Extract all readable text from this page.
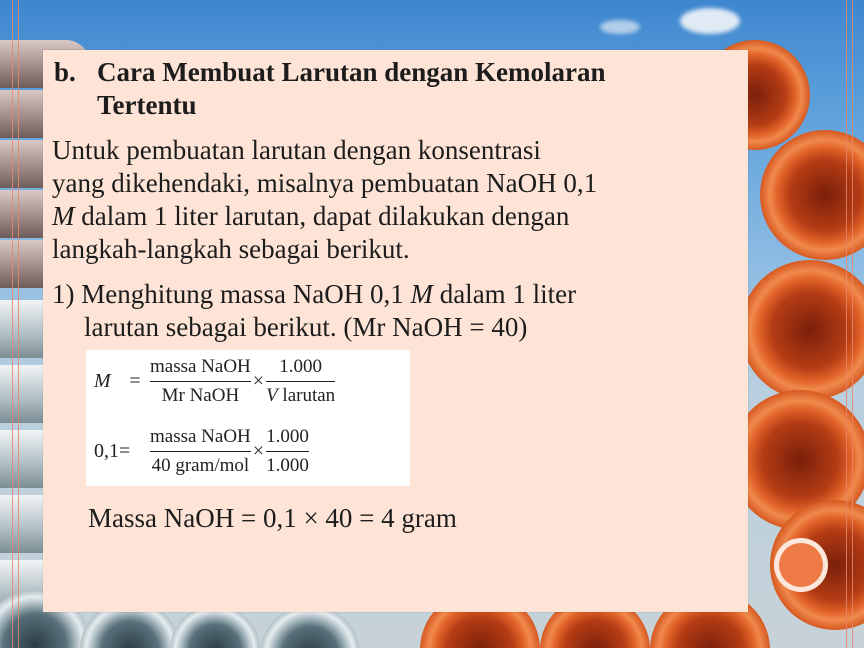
b. Cara Membuat Larutan dengan Kemolaran
Tertentu
Untuk pembuatan larutan dengan konsentrasi
yang dikehendaki, misalnya pembuatan NaOH 0,1
M dalam 1 liter larutan, dapat dilakukan dengan
langkah-langkah sebagai berikut.
1) Menghitung massa NaOH 0,1 M dalam 1 liter
larutan sebagai berikut. (Mr NaOH = 40)
$M = \frac{\text{massa NaOH}}{\text{Mr NaOH}} \times \frac{1.000}{\text{V larutan}}$
0,1=	$\frac{\text{massa NaOH}}{\text{40 gram/mol}} \times \frac{1.000}{1.000}$
Massa NaOH = 0,1 × 40 = 4 gram
